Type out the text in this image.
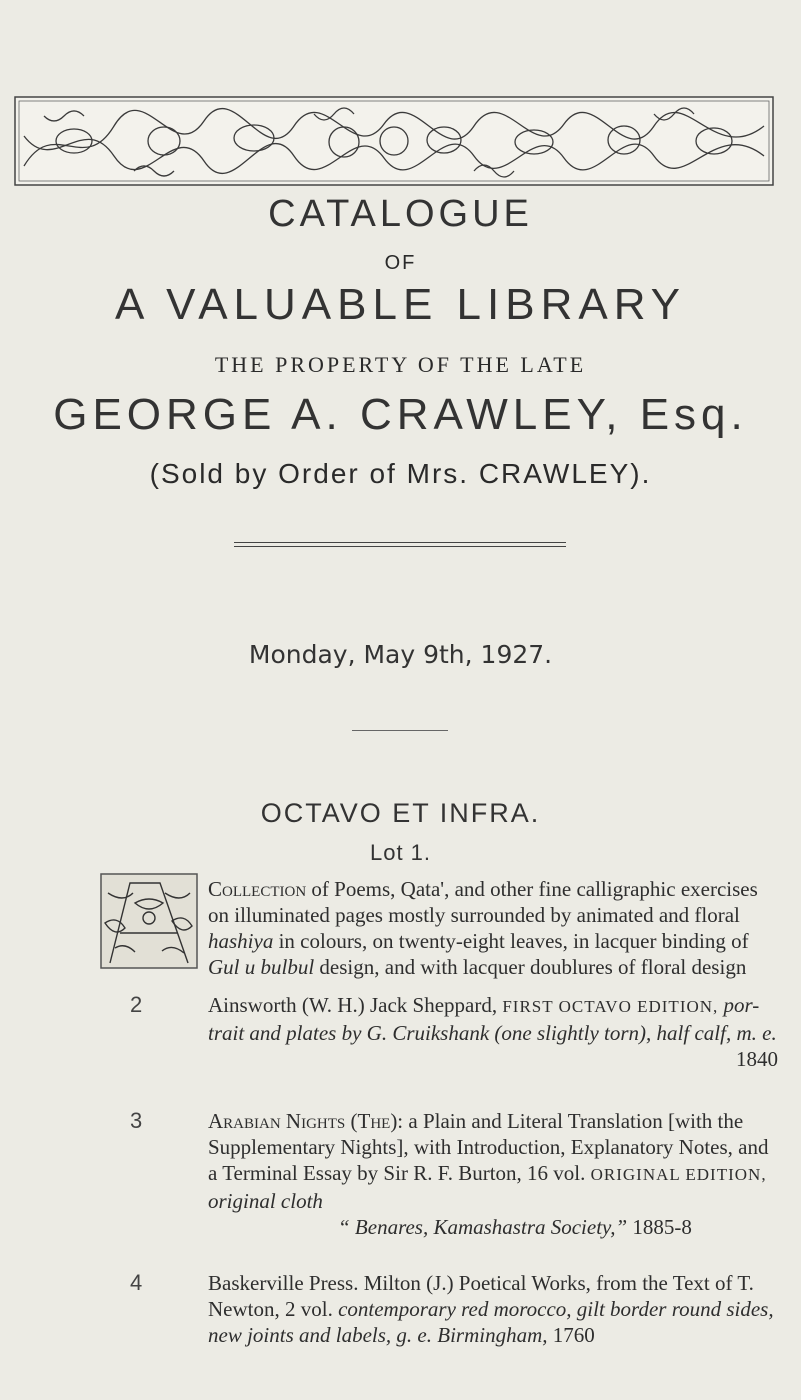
CATALOGUE
OF
A VALUABLE LIBRARY
THE PROPERTY OF THE LATE
GEORGE A. CRAWLEY, Esq.
(Sold by Order of Mrs. CRAWLEY).
Monday, May 9th, 1927.
OCTAVO ET INFRA.
Lot 1.
Collection of Poems, Qata', and other fine calligraphic exercises on illuminated pages mostly surrounded by animated and floral hashiya in colours, on twenty-eight leaves, in lacquer binding of Gul u bulbul design, and with lacquer doublures of floral design
2	Ainsworth (W. H.) Jack Sheppard, FIRST OCTAVO EDITION, por-trait and plates by G. Cruikshank (one slightly torn), half calf, m. e.
1840
3	Arabian Nights (The): a Plain and Literal Translation [with the Supplementary Nights], with Introduction, Explanatory Notes, and a Terminal Essay by Sir R. F. Burton, 16 vol. ORIGINAL EDITION, original cloth
“ Benares, Kamashastra Society,” 1885-8
4	Baskerville Press. Milton (J.) Poetical Works, from the Text of T. Newton, 2 vol. contemporary red morocco, gilt border round sides, new joints and labels, g. e. Birmingham, 1760
